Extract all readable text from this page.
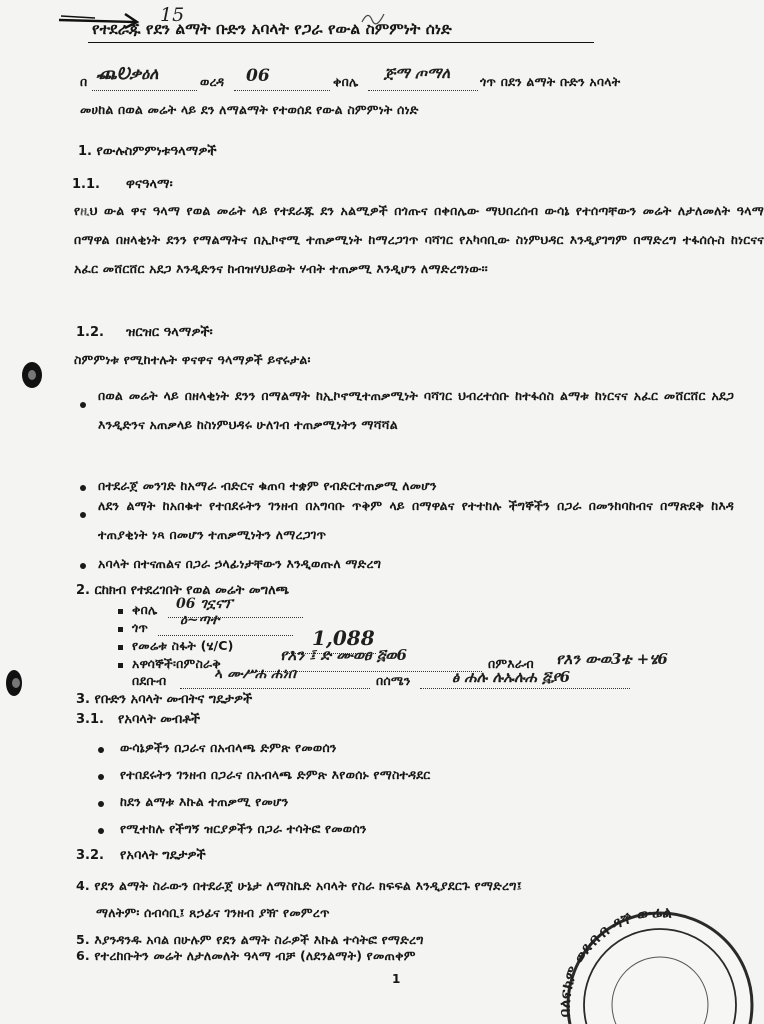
15
የተደራጁ የደን ልማት ቡድን አባላት የጋራ የውል ስምምነት ሰነድ
በ ⶸᎧቃዕለ	ወረዳ 06	ቀበሌ ጅማ ጦማለ ጎጥ በደን ልማት ቡድን አባላት
መሀከል በወል መሬት ላይ ደን ለማልማት የተወሰደ የውል ስምምነት ሰነድ
1. የውሉስምምነቱዓላማዎች
1.1. ዋናዓላማ፡
የዚህ ውል ዋና ዓላማ የወል መሬት ላይ የተደራጁ ደን አልሚዎች በጎጡና በቀበሌው ማህበረሰብ ውሳኔ የተሰጣቸውን መሬት ለታለመለት ዓላማ በማዋል በዘላቂነት ደንን የማልማትና በኢኮኖሚ ተጠቃሚነት ከማረጋገጥ ባሻገር የአካባቢው ስነምህዳር እንዲያገግም በማድረግ ተፋሰሱስ ከነርናና አፈር መሸርሸር አደጋ እንዲድንና ከብዝሃህይወት ሃብት ተጠቃሚ እንዲሆን ለማድረግነው፡፡
1.2. ዝርዝር ዓላማዎች፡
ስምምነቱ የሚከተሉት ዋናዋና ዓላማዎች ይኖሩታል፡
በወል መሬት ላይ በዘላቂነት ደንን በማልማት ከኢኮኖሚተጠቃሚነት ባሻገር ህብረተሰቡ ከተፋሰስ ልማቱ ከነርናና አፈር መሸርሸር አደጋ እንዲድንና አጠቃላይ ከስነምህዳሩ ሁለገብ ተጠቃሚነትን ማሻሻል
በተደራጀ መንገድ ከአማራ ብድርና ቁጠባ ተቋም የብድርተጠቃሚ ለመሆን
ለደን ልማት ከአበቁተ የተበደሩትን ገንዘብ በአግባቡ ጥቅም ላይ በማዋልና የተተከሉ ችግኞችን በጋራ በመንከባከብና በማጽደቅ ከእዳ ተጠያቂነት ነጻ በመሆን ተጠቃሚነትን ለማረጋገጥ
አባላት በተናጠልና በጋራ ኃላፊነታቸውን እንዲወጡለ ማድረግ
2. ርከክብ የተደረገበት የወል መሬት መግለጫ
ቀበሌ 06 ገኗናፕ
ጎጥ ዕ~ጣተ
የመሬቱ ስፋት (ሄ/C)	1,088
አዋሳኞች፡በምስራቅ	የእን ፤ ድ ሙወፀ ፭ወ6	በምእራብ የእን ውወ3ቴ +ሄ6
በደቡብ	ኣ ሙሥሐ ሐነበ	በሰሜን	ፅ ሐሉ ሉኡሉሐ ፭ያ6
3. የቡድን አባላት መብትና ግዴታዎች
3.1. የአባላት መብቶች
ውሳኔዎችን በጋራና በአብላጫ ድምጽ የመወሰን
የተበደሩትን ገንዘብ በጋራና በአብላጫ ድምጽ እየወሰኑ የማስተዳደር
ከደን ልማቱ እኩል ተጠቃሚ የመሆን
የሚተከሉ የችግኝ ዝርያዎችን በጋራ ተሳትፎ የመወሰን
3.2. የአባላት ግዴታዎች
4. የደን ልማት ስራውን በተደራጀ ሁኔታ ለማስኬድ አባላት የስራ ክፍፍል እንዲያደርጉ የማድረግ፤
ማለትም፡ ሰብሳቢ፤ ጸኃፊና ገንዘብ ያዥ የመምረጥ
5. እያንዳንዱ አባል በሁሉም የደን ልማት ስራዎች እኩል ተሳትፎ የማድረግ
6. የተረከቡትን መሬት ለታለመለት ዓላማ ብቻ (ለደንልማት) የመጠቀም
1
በለፍክም ወደብብ ዳኞ ውሬል
